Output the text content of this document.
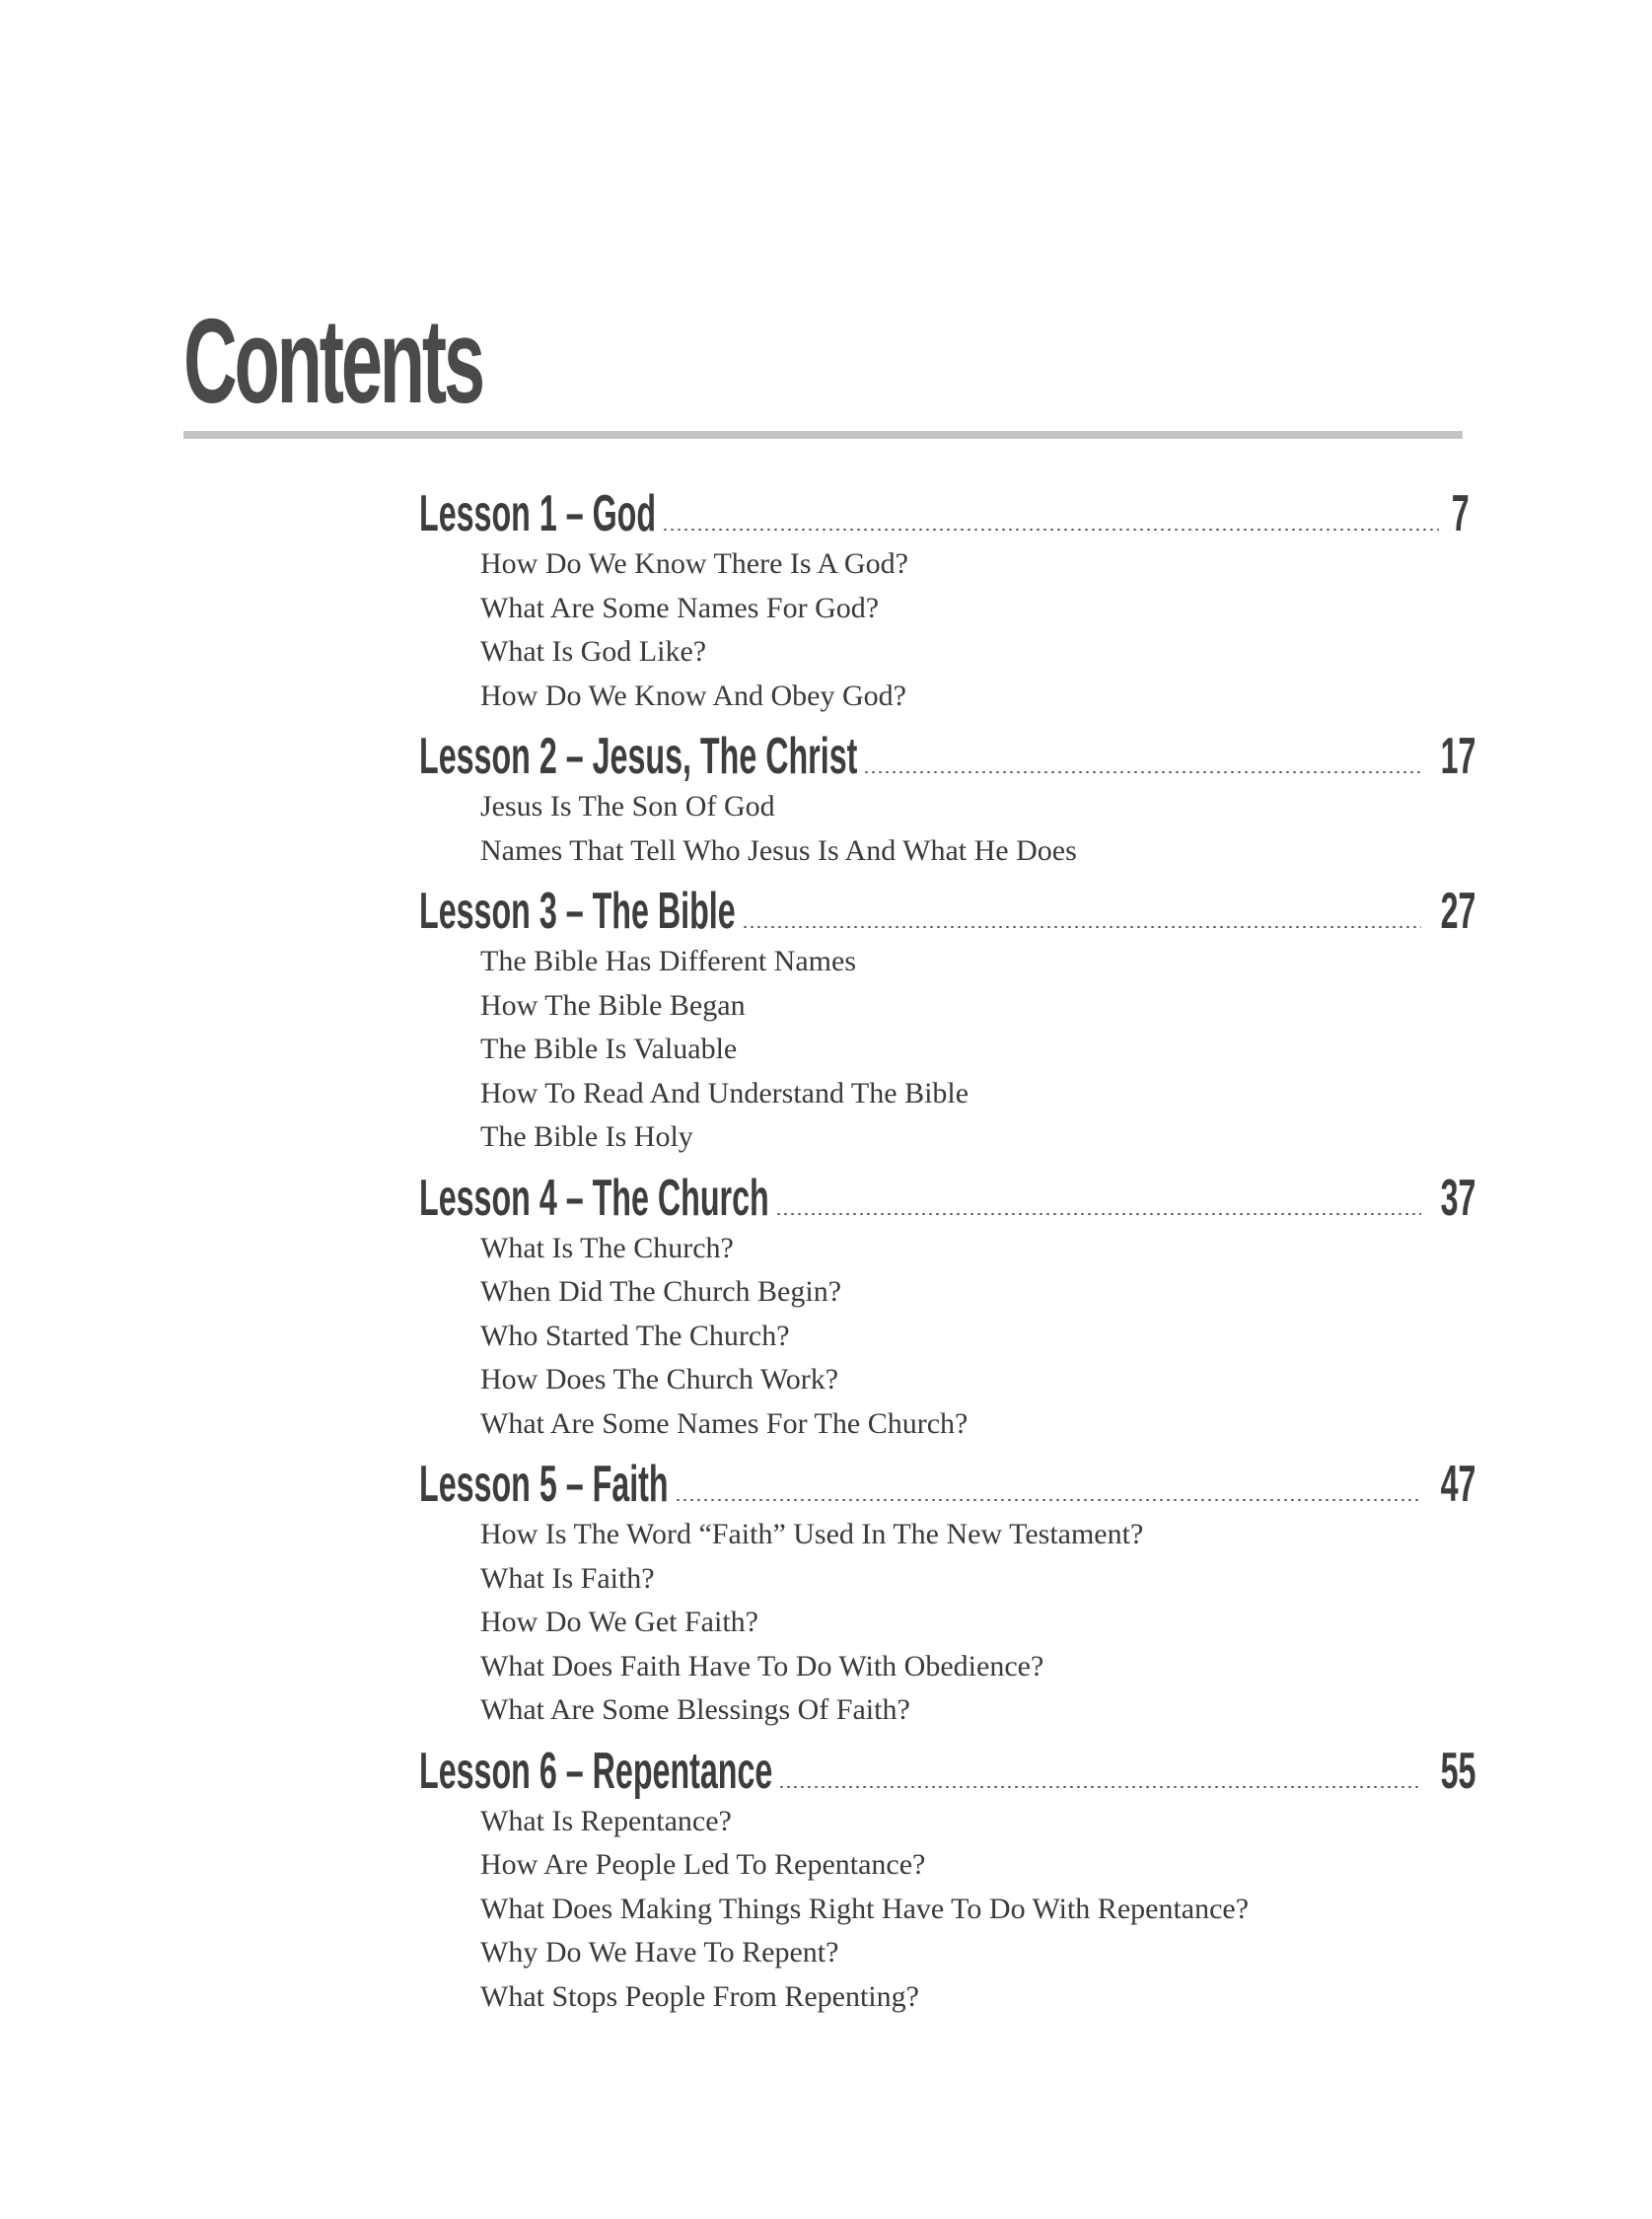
Contents
Lesson 1 – God	7
How Do We Know There Is A God?
What Are Some Names For God?
What Is God Like?
How Do We Know And Obey God?
Lesson 2 – Jesus, The Christ	17
Jesus Is The Son Of God
Names That Tell Who Jesus Is And What He Does
Lesson 3 – The Bible	27
The Bible Has Different Names
How The Bible Began
The Bible Is Valuable
How To Read And Understand The Bible
The Bible Is Holy
Lesson 4 – The Church	37
What Is The Church?
When Did The Church Begin?
Who Started The Church?
How Does The Church Work?
What Are Some Names For The Church?
Lesson 5 – Faith	47
How Is The Word “Faith” Used In The New Testament?
What Is Faith?
How Do We Get Faith?
What Does Faith Have To Do With Obedience?
What Are Some Blessings Of Faith?
Lesson 6 – Repentance	55
What Is Repentance?
How Are People Led To Repentance?
What Does Making Things Right Have To Do With Repentance?
Why Do We Have To Repent?
What Stops People From Repenting?
